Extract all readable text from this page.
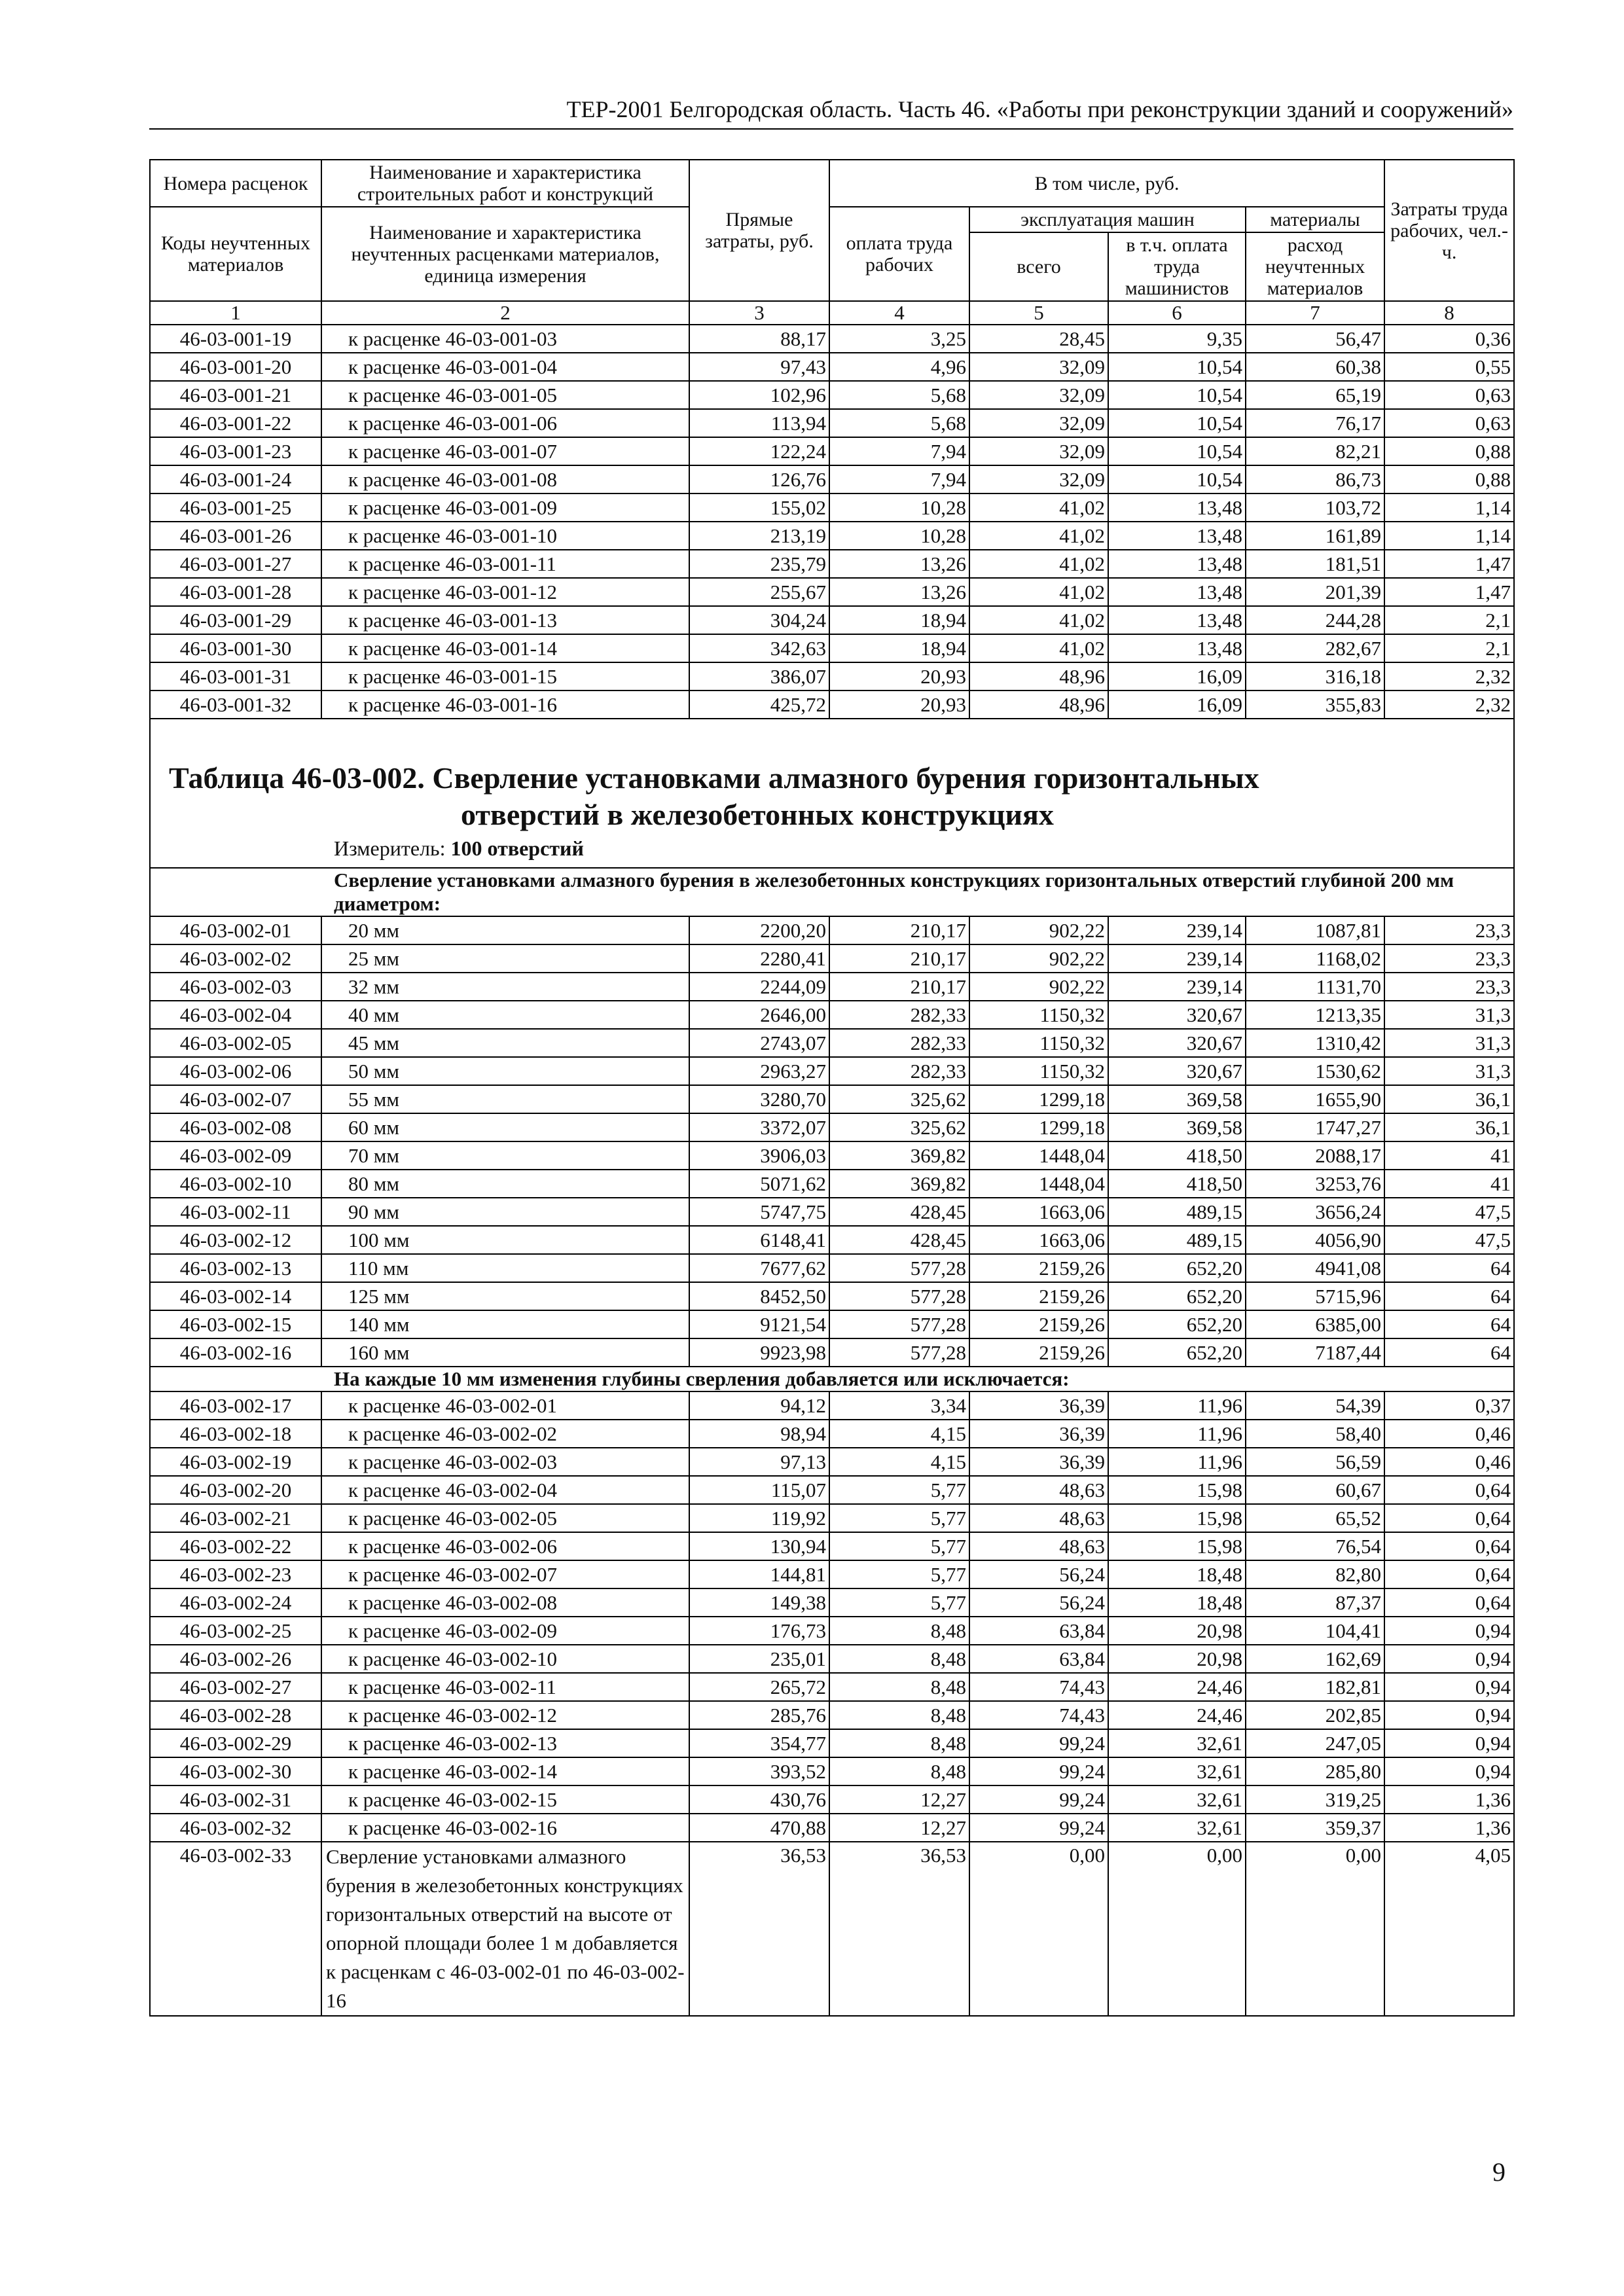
ТЕР-2001 Белгородская область. Часть 46. «Работы при реконструкции зданий и сооружений»
Номера расценок	Наименование и характеристика строительных работ и конструкций	Прямые затраты, руб.	В том числе, руб.				Затраты труда рабочих, чел.-ч.
Коды неучтенных материалов	Наименование и характеристика неучтенных расценками материалов, единица измерения		оплата труда рабочих	эксплуатация машин		материалы	
				всего	в т.ч. оплата труда машинистов	расход неучтенных материалов	
1	2	3	4	5	6	7	8
46-03-001-19	к расценке 46-03-001-03	88,17	3,25	28,45	9,35	56,47	0,36
46-03-001-20	к расценке 46-03-001-04	97,43	4,96	32,09	10,54	60,38	0,55
46-03-001-21	к расценке 46-03-001-05	102,96	5,68	32,09	10,54	65,19	0,63
46-03-001-22	к расценке 46-03-001-06	113,94	5,68	32,09	10,54	76,17	0,63
46-03-001-23	к расценке 46-03-001-07	122,24	7,94	32,09	10,54	82,21	0,88
46-03-001-24	к расценке 46-03-001-08	126,76	7,94	32,09	10,54	86,73	0,88
46-03-001-25	к расценке 46-03-001-09	155,02	10,28	41,02	13,48	103,72	1,14
46-03-001-26	к расценке 46-03-001-10	213,19	10,28	41,02	13,48	161,89	1,14
46-03-001-27	к расценке 46-03-001-11	235,79	13,26	41,02	13,48	181,51	1,47
46-03-001-28	к расценке 46-03-001-12	255,67	13,26	41,02	13,48	201,39	1,47
46-03-001-29	к расценке 46-03-001-13	304,24	18,94	41,02	13,48	244,28	2,1
46-03-001-30	к расценке 46-03-001-14	342,63	18,94	41,02	13,48	282,67	2,1
46-03-001-31	к расценке 46-03-001-15	386,07	20,93	48,96	16,09	316,18	2,32
46-03-001-32	к расценке 46-03-001-16	425,72	20,93	48,96	16,09	355,83	2,32

Таблица 46-03-002. Сверление установками алмазного бурения горизонтальных
отверстий в железобетонных конструкциях
Измеритель: 100 отверстий							

Сверление установками алмазного бурения в железобетонных конструкциях горизонтальных отверстий глубиной 200 мм диаметром:							
46-03-002-01	20 мм	2200,20	210,17	902,22	239,14	1087,81	23,3
46-03-002-02	25 мм	2280,41	210,17	902,22	239,14	1168,02	23,3
46-03-002-03	32 мм	2244,09	210,17	902,22	239,14	1131,70	23,3
46-03-002-04	40 мм	2646,00	282,33	1150,32	320,67	1213,35	31,3
46-03-002-05	45 мм	2743,07	282,33	1150,32	320,67	1310,42	31,3
46-03-002-06	50 мм	2963,27	282,33	1150,32	320,67	1530,62	31,3
46-03-002-07	55 мм	3280,70	325,62	1299,18	369,58	1655,90	36,1
46-03-002-08	60 мм	3372,07	325,62	1299,18	369,58	1747,27	36,1
46-03-002-09	70 мм	3906,03	369,82	1448,04	418,50	2088,17	41
46-03-002-10	80 мм	5071,62	369,82	1448,04	418,50	3253,76	41
46-03-002-11	90 мм	5747,75	428,45	1663,06	489,15	3656,24	47,5
46-03-002-12	100 мм	6148,41	428,45	1663,06	489,15	4056,90	47,5
46-03-002-13	110 мм	7677,62	577,28	2159,26	652,20	4941,08	64
46-03-002-14	125 мм	8452,50	577,28	2159,26	652,20	5715,96	64
46-03-002-15	140 мм	9121,54	577,28	2159,26	652,20	6385,00	64
46-03-002-16	160 мм	9923,98	577,28	2159,26	652,20	7187,44	64
На каждые 10 мм изменения глубины сверления добавляется или исключается:							
46-03-002-17	к расценке 46-03-002-01	94,12	3,34	36,39	11,96	54,39	0,37
46-03-002-18	к расценке 46-03-002-02	98,94	4,15	36,39	11,96	58,40	0,46
46-03-002-19	к расценке 46-03-002-03	97,13	4,15	36,39	11,96	56,59	0,46
46-03-002-20	к расценке 46-03-002-04	115,07	5,77	48,63	15,98	60,67	0,64
46-03-002-21	к расценке 46-03-002-05	119,92	5,77	48,63	15,98	65,52	0,64
46-03-002-22	к расценке 46-03-002-06	130,94	5,77	48,63	15,98	76,54	0,64
46-03-002-23	к расценке 46-03-002-07	144,81	5,77	56,24	18,48	82,80	0,64
46-03-002-24	к расценке 46-03-002-08	149,38	5,77	56,24	18,48	87,37	0,64
46-03-002-25	к расценке 46-03-002-09	176,73	8,48	63,84	20,98	104,41	0,94
46-03-002-26	к расценке 46-03-002-10	235,01	8,48	63,84	20,98	162,69	0,94
46-03-002-27	к расценке 46-03-002-11	265,72	8,48	74,43	24,46	182,81	0,94
46-03-002-28	к расценке 46-03-002-12	285,76	8,48	74,43	24,46	202,85	0,94
46-03-002-29	к расценке 46-03-002-13	354,77	8,48	99,24	32,61	247,05	0,94
46-03-002-30	к расценке 46-03-002-14	393,52	8,48	99,24	32,61	285,80	0,94
46-03-002-31	к расценке 46-03-002-15	430,76	12,27	99,24	32,61	319,25	1,36
46-03-002-32	к расценке 46-03-002-16	470,88	12,27	99,24	32,61	359,37	1,36
46-03-002-33	Сверление установками алмазного бурения в железобетонных конструкциях горизонтальных отверстий на высоте от опорной площади более 1 м добавляется к расценкам с 46-03-002-01 по 46-03-002-16	36,53	36,53	0,00	0,00	0,00	4,05
9
